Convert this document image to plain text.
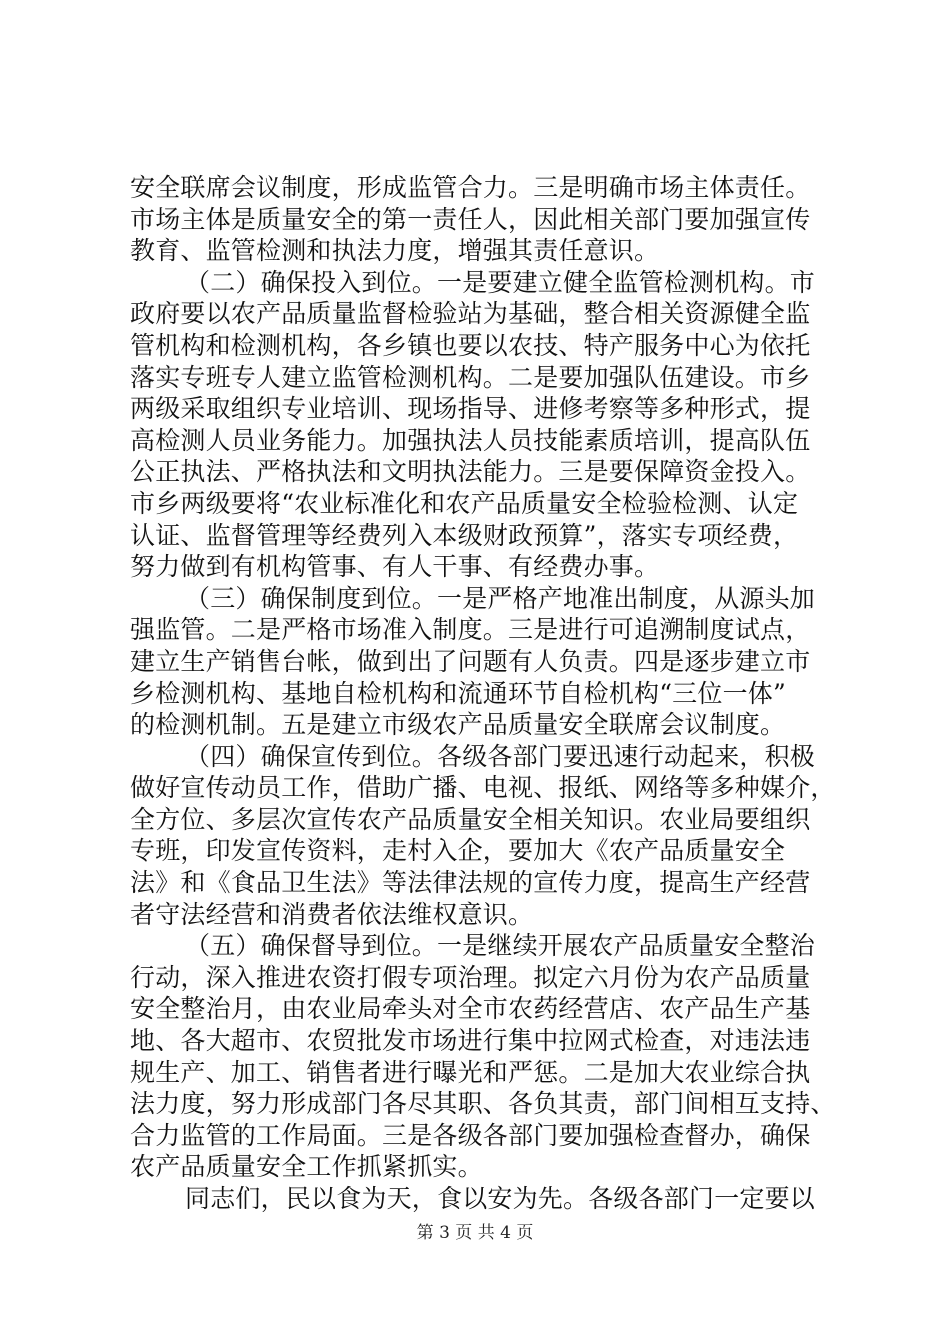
安全联席会议制度，形成监管合力。三是明确市场主体责任。
市场主体是质量安全的第一责任人，因此相关部门要加强宣传
教育、监管检测和执法力度，增强其责任意识。
（二）确保投入到位。一是要建立健全监管检测机构。市
政府要以农产品质量监督检验站为基础，整合相关资源健全监
管机构和检测机构，各乡镇也要以农技、特产服务中心为依托
落实专班专人建立监管检测机构。二是要加强队伍建设。市乡
两级采取组织专业培训、现场指导、进修考察等多种形式，提
高检测人员业务能力。加强执法人员技能素质培训，提高队伍
公正执法、严格执法和文明执法能力。三是要保障资金投入。
市乡两级要将“农业标准化和农产品质量安全检验检测、认定
认证、监督管理等经费列入本级财政预算”，落实专项经费，
努力做到有机构管事、有人干事、有经费办事。
（三）确保制度到位。一是严格产地准出制度，从源头加
强监管。二是严格市场准入制度。三是进行可追溯制度试点，
建立生产销售台帐，做到出了问题有人负责。四是逐步建立市
乡检测机构、基地自检机构和流通环节自检机构“三位一体”
的检测机制。五是建立市级农产品质量安全联席会议制度。
（四）确保宣传到位。各级各部门要迅速行动起来，积极
做好宣传动员工作，借助广播、电视、报纸、网络等多种媒介，
全方位、多层次宣传农产品质量安全相关知识。农业局要组织
专班，印发宣传资料，走村入企，要加大《农产品质量安全
法》和《食品卫生法》等法律法规的宣传力度，提高生产经营
者守法经营和消费者依法维权意识。
（五）确保督导到位。一是继续开展农产品质量安全整治
行动，深入推进农资打假专项治理。拟定六月份为农产品质量
安全整治月，由农业局牵头对全市农药经营店、农产品生产基
地、各大超市、农贸批发市场进行集中拉网式检查，对违法违
规生产、加工、销售者进行曝光和严惩。二是加大农业综合执
法力度，努力形成部门各尽其职、各负其责，部门间相互支持、
合力监管的工作局面。三是各级各部门要加强检查督办，确保
农产品质量安全工作抓紧抓实。
同志们，民以食为天，食以安为先。各级各部门一定要以
第 3 页 共 4 页
